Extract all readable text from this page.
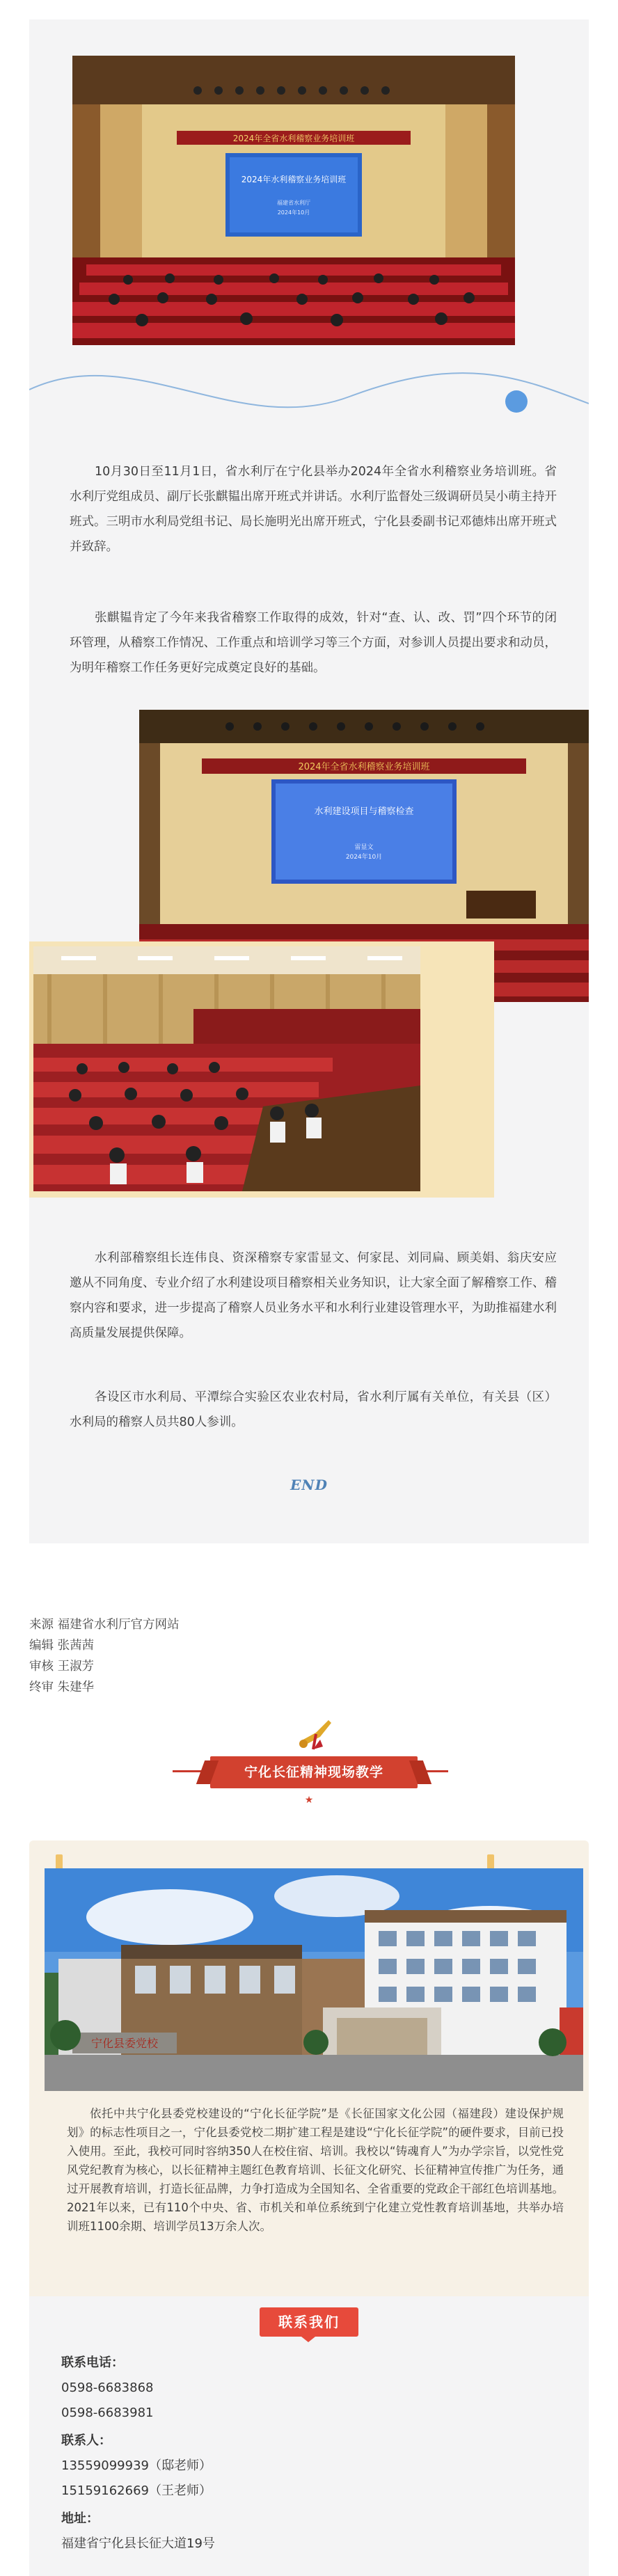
2024年全省水利稽察业务培训班
2024年水利稽察业务培训班
福建省水利厅
2024年10月

10月30日至11月1日，省水利厅在宁化县举办2024年全省水利稽察业务培训班。省水利厅党组成员、副厅长张麒韫出席开班式并讲话。水利厅监督处三级调研员吴小萌主持开班式。三明市水利局党组书记、局长施明光出席开班式，宁化县委副书记邓德炜出席开班式并致辞。

张麒韫肯定了今年来我省稽察工作取得的成效，针对“查、认、改、罚”四个环节的闭环管理，从稽察工作情况、工作重点和培训学习等三个方面，对参训人员提出要求和动员，为明年稽察工作任务更好完成奠定良好的基础。

2024年全省水利稽察业务培训班
水利建设项目与稽察检查
雷显文
2024年10月

水利部稽察组长连伟良、资深稽察专家雷显文、何家昆、刘同扁、顾美娟、翁庆安应邀从不同角度、专业介绍了水利建设项目稽察相关业务知识，让大家全面了解稽察工作、稽察内容和要求，进一步提高了稽察人员业务水平和水利行业建设管理水平，为助推福建水利高质量发展提供保障。

各设区市水利局、平潭综合实验区农业农村局，省水利厅属有关单位，有关县（区）水利局的稽察人员共80人参训。

END
来源 福建省水利厅官方网站
编辑 张茜茜
审核 王淑芳
终审 朱建华
宁化长征精神现场教学
★
宁化县委党校

依托中共宁化县委党校建设的“宁化长征学院”是《长征国家文化公园（福建段）建设保护规划》的标志性项目之一，宁化县委党校二期扩建工程是建设“宁化长征学院”的硬件要求，目前已投入使用。至此，我校可同时容纳350人在校住宿、培训。我校以“铸魂育人”为办学宗旨，以党性党风党纪教育为核心，以长征精神主题红色教育培训、长征文化研究、长征精神宣传推广为任务，通过开展教育培训，打造长征品牌，力争打造成为全国知名、全省重要的党政企干部红色培训基地。2021年以来，已有110个中央、省、市机关和单位系统到宁化建立党性教育培训基地，共举办培训班1100余期、培训学员13万余人次。

联系我们
联系电话：
0598-6683868
0598-6683981
联系人：
13559099939（邸老师）
15159162669（王老师）
地址：
福建省宁化县长征大道19号
